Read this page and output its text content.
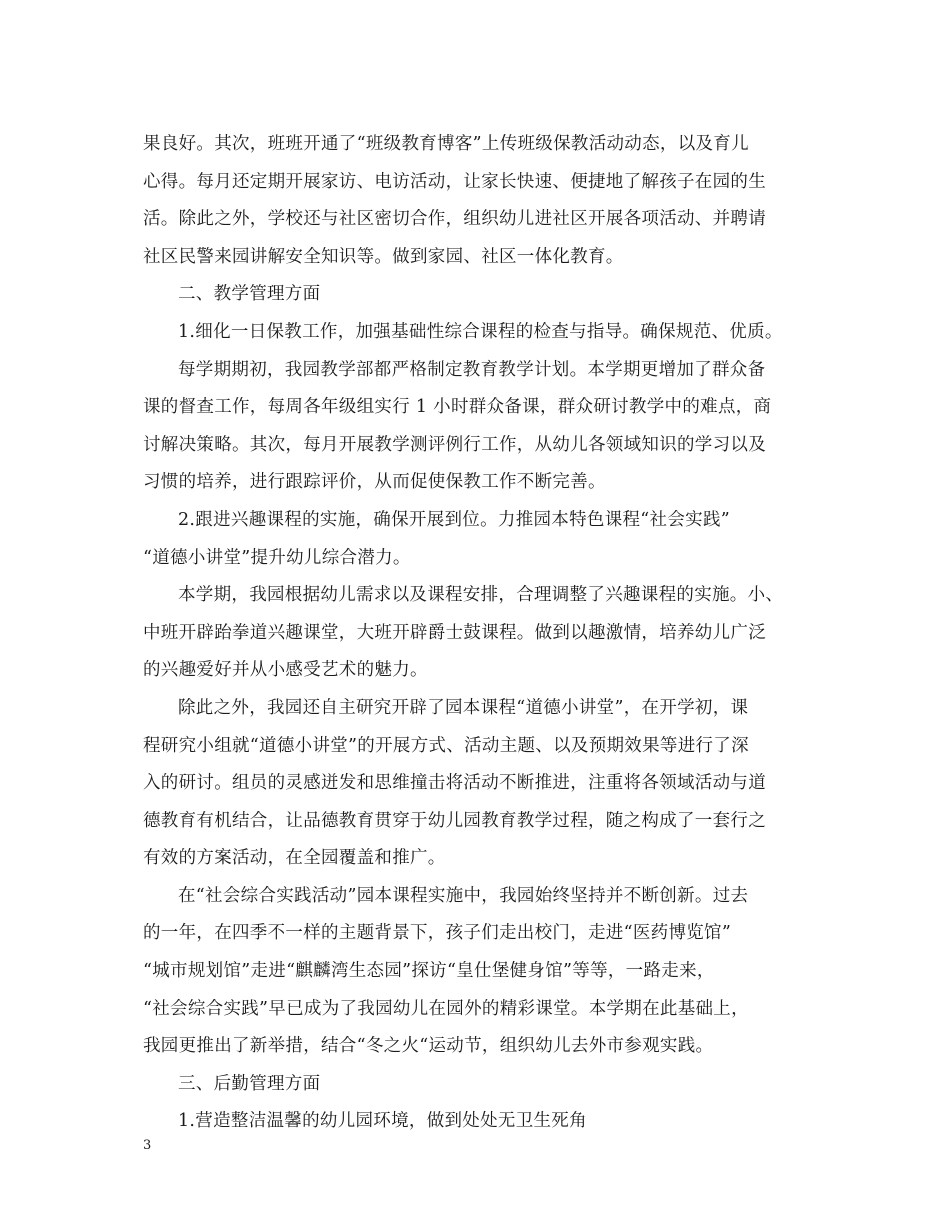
果良好。其次，班班开通了“班级教育博客”上传班级保教活动动态，以及育儿
心得。每月还定期开展家访、电访活动，让家长快速、便捷地了解孩子在园的生
活。除此之外，学校还与社区密切合作，组织幼儿进社区开展各项活动、并聘请
社区民警来园讲解安全知识等。做到家园、社区一体化教育。
二、教学管理方面
1.细化一日保教工作，加强基础性综合课程的检查与指导。确保规范、优质。
每学期期初，我园教学部都严格制定教育教学计划。本学期更增加了群众备
课的督查工作，每周各年级组实行 1 小时群众备课，群众研讨教学中的难点，商
讨解决策略。其次，每月开展教学测评例行工作，从幼儿各领域知识的学习以及
习惯的培养，进行跟踪评价，从而促使保教工作不断完善。
2.跟进兴趣课程的实施，确保开展到位。力推园本特色课程“社会实践”
“道德小讲堂”提升幼儿综合潜力。
本学期，我园根据幼儿需求以及课程安排，合理调整了兴趣课程的实施。小、
中班开辟跆拳道兴趣课堂，大班开辟爵士鼓课程。做到以趣激情，培养幼儿广泛
的兴趣爱好并从小感受艺术的魅力。
除此之外，我园还自主研究开辟了园本课程“道德小讲堂”，在开学初，课
程研究小组就“道德小讲堂”的开展方式、活动主题、以及预期效果等进行了深
入的研讨。组员的灵感迸发和思维撞击将活动不断推进，注重将各领域活动与道
德教育有机结合，让品德教育贯穿于幼儿园教育教学过程，随之构成了一套行之
有效的方案活动，在全园覆盖和推广。
在“社会综合实践活动”园本课程实施中，我园始终坚持并不断创新。过去
的一年，在四季不一样的主题背景下，孩子们走出校门，走进“医药博览馆”
“城市规划馆”走进“麒麟湾生态园”探访“皇仕堡健身馆”等等，一路走来，
“社会综合实践”早已成为了我园幼儿在园外的精彩课堂。本学期在此基础上，
我园更推出了新举措，结合“冬之火“运动节，组织幼儿去外市参观实践。
三、后勤管理方面
1.营造整洁温馨的幼儿园环境，做到处处无卫生死角
3
